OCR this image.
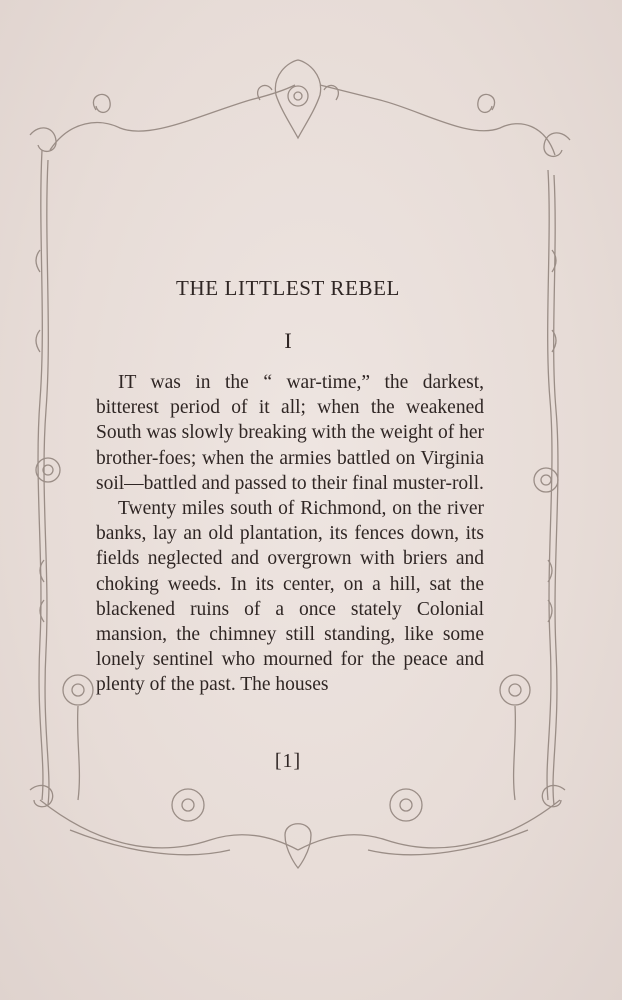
THE LITTLEST REBEL
I

IT was in the “ war-time,” the darkest, bitterest period of it all; when the weakened South was slowly breaking with the weight of her brother-foes; when the armies battled on Virginia soil—battled and passed to their final muster-roll.

Twenty miles south of Richmond, on the river banks, lay an old plantation, its fences down, its fields neglected and overgrown with briers and choking weeds. In its center, on a hill, sat the blackened ruins of a once stately Colonial mansion, the chimney still standing, like some lonely sentinel who mourned for the peace and plenty of the past. The houses

[1]
